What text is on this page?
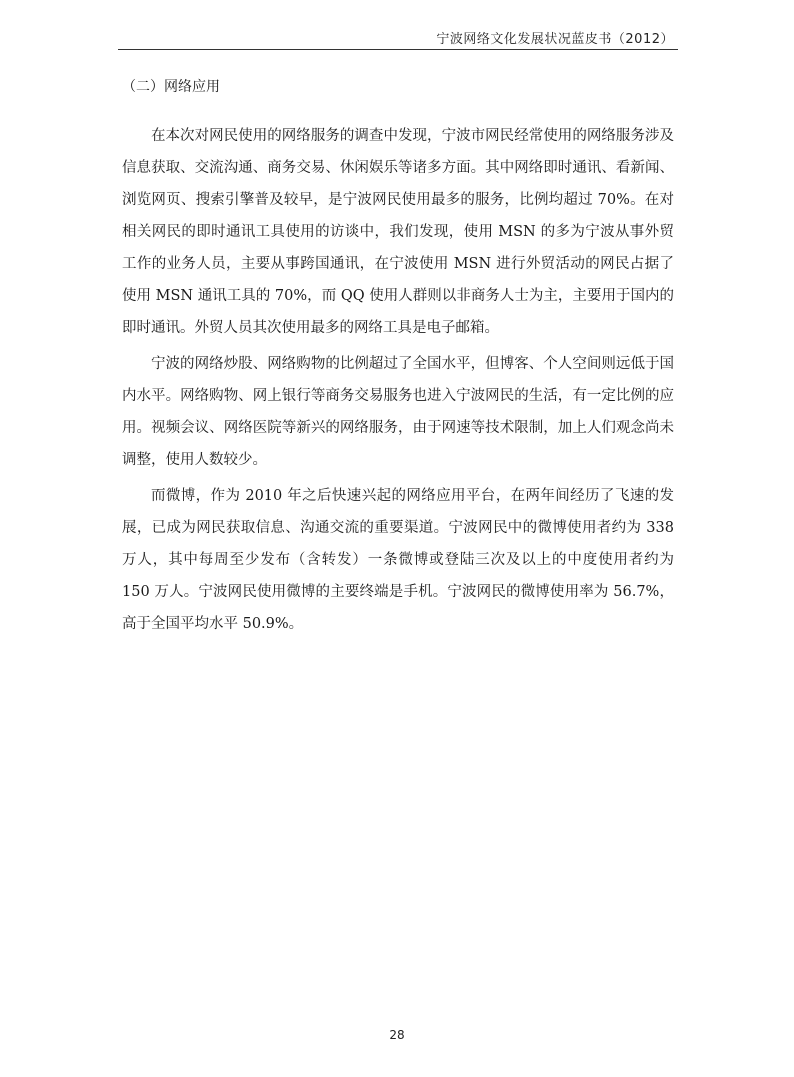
宁波网络文化发展状况蓝皮书（2012）
（二）网络应用

在本次对网民使用的网络服务的调查中发现，宁波市网民经常使用的网络服务涉及信息获取、交流沟通、商务交易、休闲娱乐等诸多方面。其中网络即时通讯、看新闻、浏览网页、搜索引擎普及较早，是宁波网民使用最多的服务，比例均超过 70%。在对相关网民的即时通讯工具使用的访谈中，我们发现，使用 MSN 的多为宁波从事外贸工作的业务人员，主要从事跨国通讯，在宁波使用 MSN 进行外贸活动的网民占据了使用 MSN 通讯工具的 70%，而 QQ 使用人群则以非商务人士为主，主要用于国内的即时通讯。外贸人员其次使用最多的网络工具是电子邮箱。

宁波的网络炒股、网络购物的比例超过了全国水平，但博客、个人空间则远低于国内水平。网络购物、网上银行等商务交易服务也进入宁波网民的生活，有一定比例的应用。视频会议、网络医院等新兴的网络服务，由于网速等技术限制，加上人们观念尚未调整，使用人数较少。

而微博，作为 2010 年之后快速兴起的网络应用平台，在两年间经历了飞速的发展，已成为网民获取信息、沟通交流的重要渠道。宁波网民中的微博使用者约为 338 万人，其中每周至少发布（含转发）一条微博或登陆三次及以上的中度使用者约为 150 万人。宁波网民使用微博的主要终端是手机。宁波网民的微博使用率为 56.7%，高于全国平均水平 50.9%。

28
